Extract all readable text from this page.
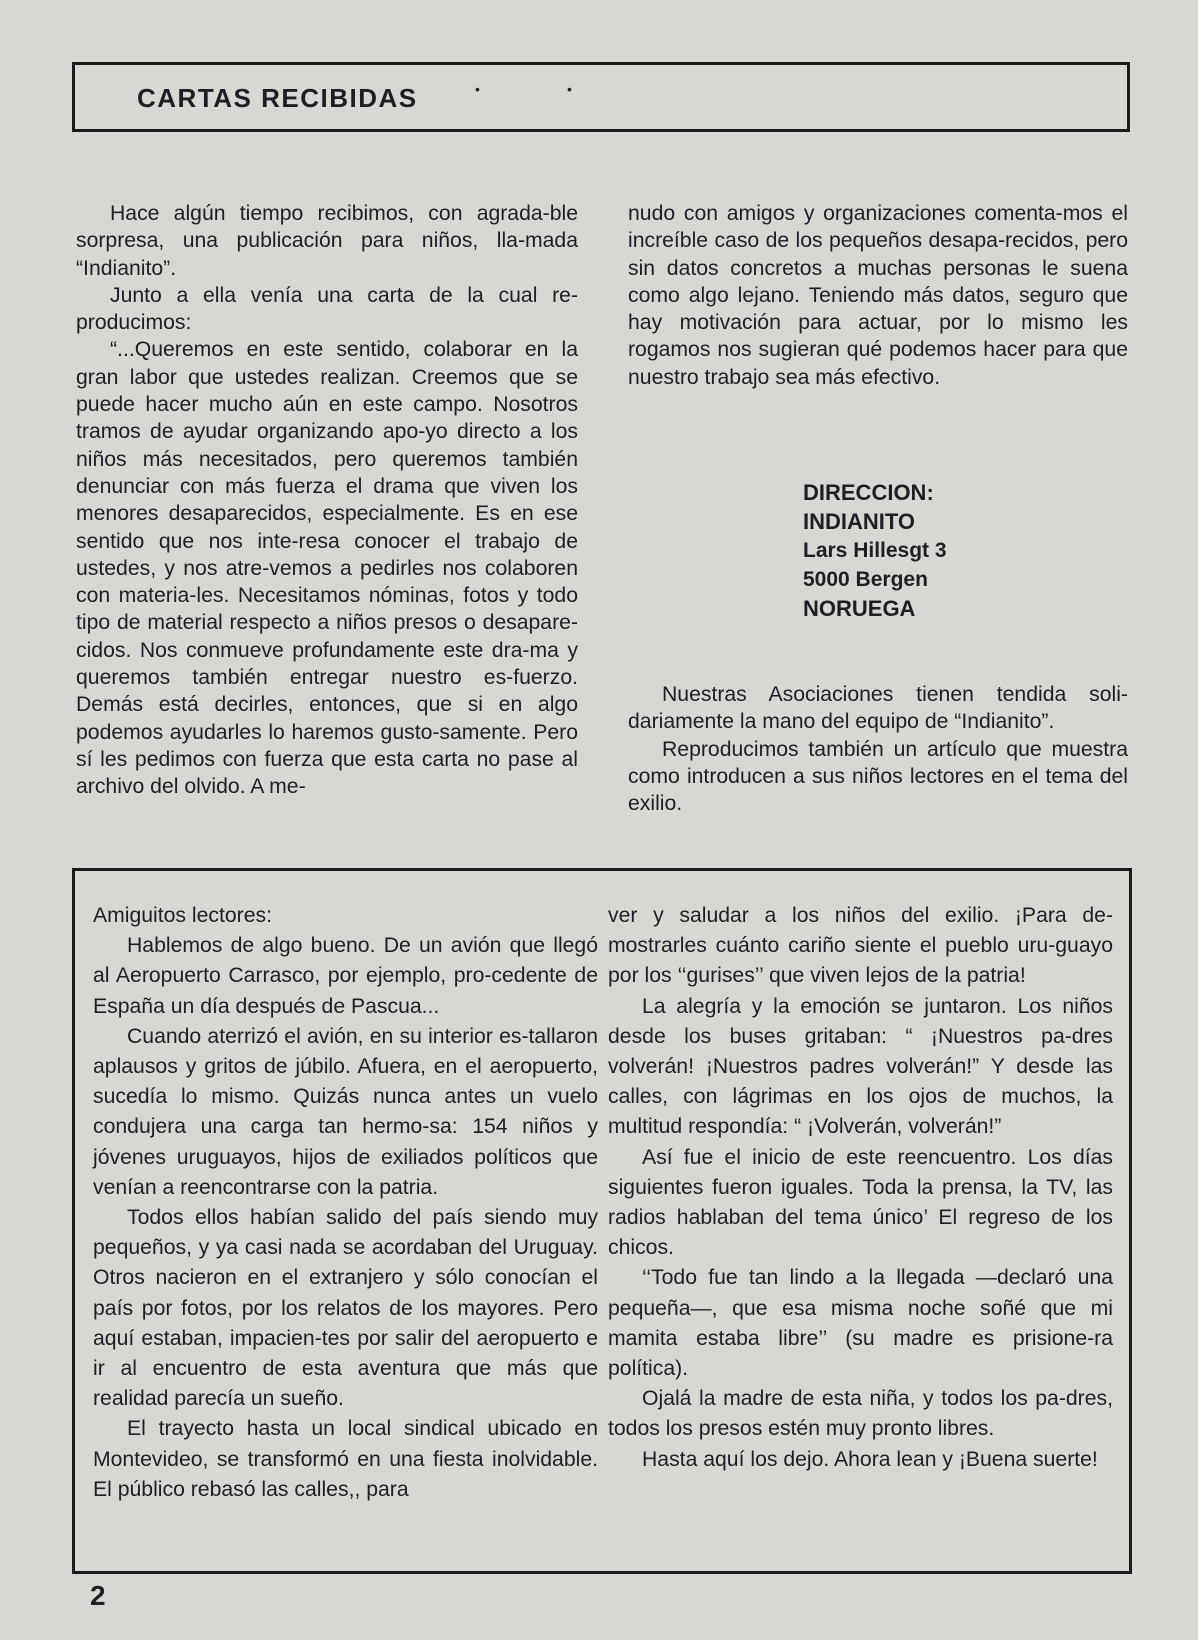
CARTAS RECIBIDAS	•	•

Hace algún tiempo recibimos, con agrada-ble sorpresa, una publicación para niños, lla-mada “Indianito”.

Junto a ella venía una carta de la cual re-producimos:

“...Queremos en este sentido, colaborar en la gran labor que ustedes realizan. Creemos que se puede hacer mucho aún en este campo. Nosotros tramos de ayudar organizando apo-yo directo a los niños más necesitados, pero queremos también denunciar con más fuerza el drama que viven los menores desaparecidos, especialmente. Es en ese sentido que nos inte-resa conocer el trabajo de ustedes, y nos atre-vemos a pedirles nos colaboren con materia-les. Necesitamos nóminas, fotos y todo tipo de material respecto a niños presos o desapare-cidos. Nos conmueve profundamente este dra-ma y queremos también entregar nuestro es-fuerzo. Demás está decirles, entonces, que si en algo podemos ayudarles lo haremos gusto-samente. Pero sí les pedimos con fuerza que esta carta no pase al archivo del olvido. A me-

nudo con amigos y organizaciones comenta-mos el increíble caso de los pequeños desapa-recidos, pero sin datos concretos a muchas personas le suena como algo lejano. Teniendo más datos, seguro que hay motivación para actuar, por lo mismo les rogamos nos sugieran qué podemos hacer para que nuestro trabajo sea más efectivo.

DIRECCION:
INDIANITO
Lars Hillesgt 3
5000 Bergen
NORUEGA

Nuestras Asociaciones tienen tendida soli-dariamente la mano del equipo de “Indianito”.

Reproducimos también un artículo que muestra como introducen a sus niños lectores en el tema del exilio.

Amiguitos lectores:

Hablemos de algo bueno. De un avión que llegó al Aeropuerto Carrasco, por ejemplo, pro-cedente de España un día después de Pascua...

Cuando aterrizó el avión, en su interior es-tallaron aplausos y gritos de júbilo. Afuera, en el aeropuerto, sucedía lo mismo. Quizás nunca antes un vuelo condujera una carga tan hermo-sa: 154 niños y jóvenes uruguayos, hijos de exiliados políticos que venían a reencontrarse con la patria.

Todos ellos habían salido del país siendo muy pequeños, y ya casi nada se acordaban del Uruguay. Otros nacieron en el extranjero y sólo conocían el país por fotos, por los relatos de los mayores. Pero aquí estaban, impacien-tes por salir del aeropuerto e ir al encuentro de esta aventura que más que realidad parecía un sueño.

El trayecto hasta un local sindical ubicado en Montevideo, se transformó en una fiesta inolvidable. El público rebasó las calles,, para

ver y saludar a los niños del exilio. ¡Para de-mostrarles cuánto cariño siente el pueblo uru-guayo por los ‘‘gurises’’ que viven lejos de la patria!

La alegría y la emoción se juntaron. Los niños desde los buses gritaban: “ ¡Nuestros pa-dres volverán! ¡Nuestros padres volverán!” Y desde las calles, con lágrimas en los ojos de muchos, la multitud respondía: “ ¡Volverán, volverán!”

Así fue el inicio de este reencuentro. Los días siguientes fueron iguales. Toda la prensa, la TV, las radios hablaban del tema único’ El regreso de los chicos.

‘‘Todo fue tan lindo a la llegada —declaró una pequeña—, que esa misma noche soñé que mi mamita estaba libre’’ (su madre es prisione-ra política).

Ojalá la madre de esta niña, y todos los pa-dres, todos los presos estén muy pronto libres.

Hasta aquí los dejo. Ahora lean y ¡Buena suerte!

2
